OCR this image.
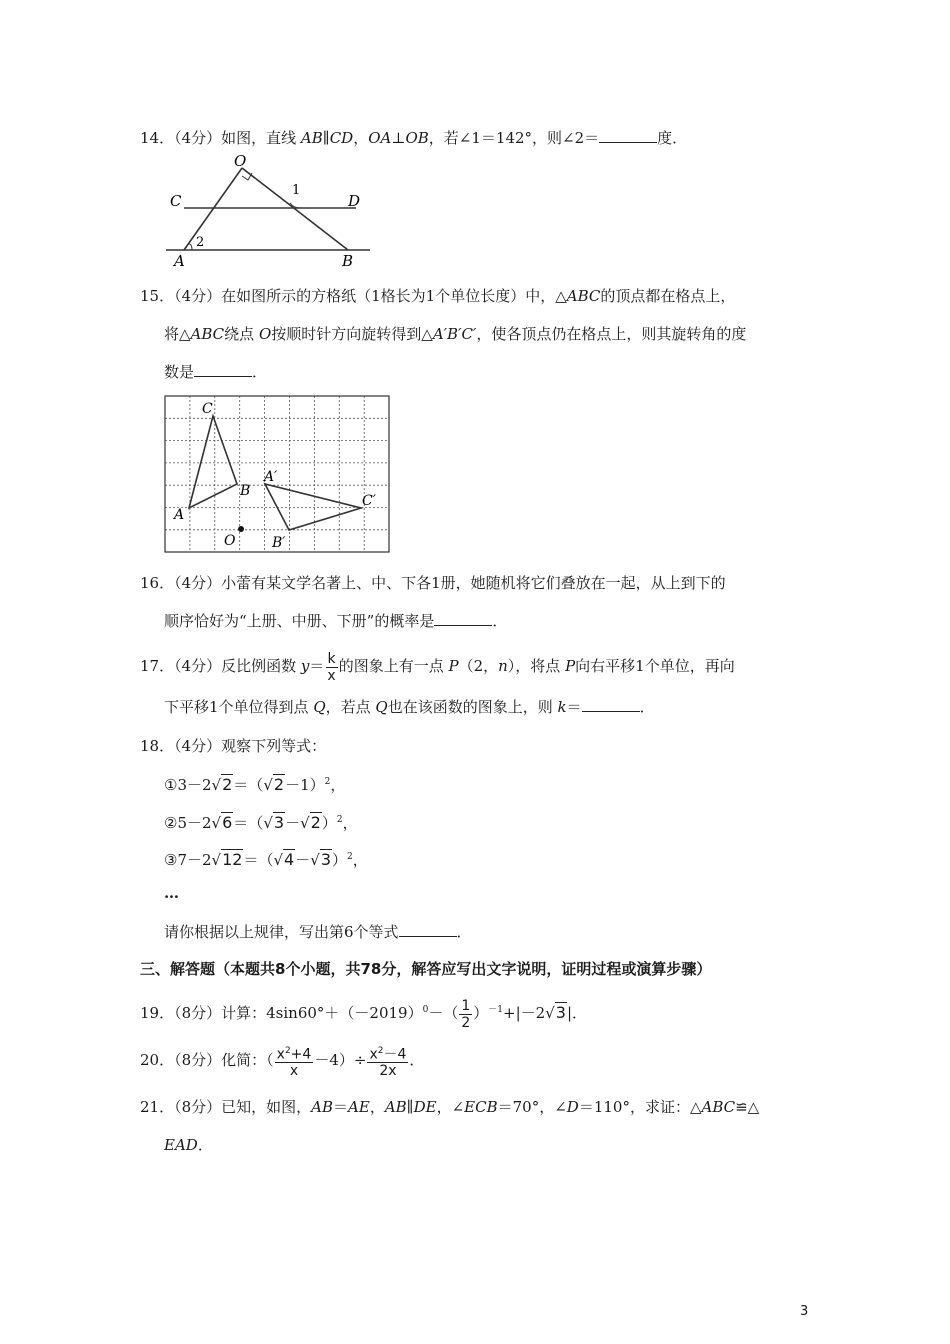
14．（4分）如图，直线 AB∥CD，OA⊥OB，若∠1＝142°，则∠2＝	度．
O
C	D
A	B
1
2
15．（4分）在如图所示的方格纸（1格长为1个单位长度）中，△ABC的顶点都在格点上，
将△ABC绕点 O按顺时针方向旋转得到△A′B′C′，使各顶点仍在格点上，则其旋转角的度
数是	．
C
B
A
O
A′
B′
C′
16．（4分）小蕾有某文学名著上、中、下各1册，她随机将它们叠放在一起，从上到下的
顺序恰好为“上册、中册、下册”的概率是	．
17．（4分）反比例函数 $y= \frac{k}{x}$ 的图象上有一点 P（2，n），将点 P向右平移1个单位，再向
下平移1个单位得到点 Q，若点 Q也在该函数的图象上，则 k＝	．
18．（4分）观察下列等式：
$①3-2√2=(√2-1)^2$，
$②5-2√6=(√3-√2)^2$，
$③7-2√12=(√4-√3)^2$，
…
请你根据以上规律，写出第6个等式	．
三、解答题（本题共8个小题，共78分，解答应写出文字说明，证明过程或演算步骤）
19．（8分）计算：$4\sin 60^\circ+(-2019)^0-( \frac{1}{2} )^{-1}+|-2√3|$．
20．（8分）化简：（ $\frac{x^2+4}{x} -4)\div \frac{x^2-4}{2x}$ ．
21．（8分）已知，如图，AB＝AE，AB∥DE，∠ECB＝70°，∠D＝110°，求证：△ABC≌△
EAD．
3
